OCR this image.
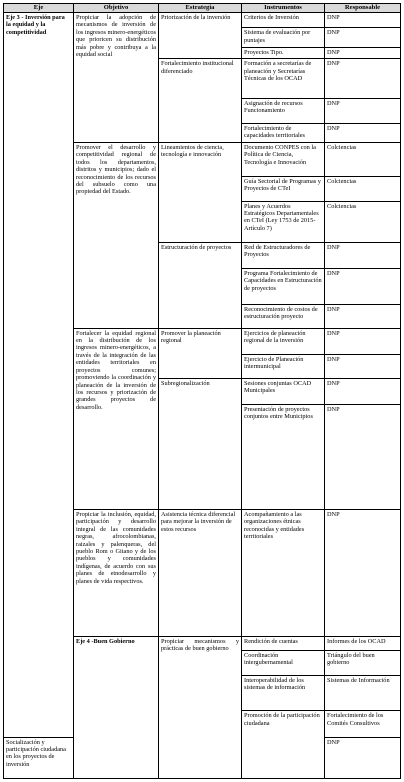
Eje	Objetivo	Estrategia	Instrumentos	Responsable	
Eje 3 - Inversión para la equidad y la competitividad	Propiciar la adopción de mecanismos de inversión de los ingresos minero-energéticos que prioricen su distribución más pobre y contribuya a la equidad social	Priorización de la inversión	Criterios de Inversión	DNP	
			Sistema de evaluación por puntajes	DNP	
			Proyectos Tipo.	DNP	
		Fortalecimiento institucional diferenciado	Formación a secretarías de planeación y Secretarías Técnicas de los OCAD	DNP	
			Asignación de recursos Funcionamiento	DNP	
			Fortalecimiento de capacidades territoriales	DNP	
	Promover el desarrollo y competitividad regional de todos los departamentos, distritos y municipios; dado el reconocimiento de los recursos del subsuelo como una propiedad del Estado.	Lineamientos de ciencia, tecnología e innovación	Documento CONPES con la Política de Ciencia, Tecnología e Innovación	Colciencias	
			Guía Sectorial de Programas y Proyectos de CTeI	Colciencias	
			Planes y Acuerdos Estratégicos Departamentales en CTeI (Ley 1753 de 2015-Artículo 7)	Colciencias	
		Estructuración de proyectos	Red de Estructuradores de Proyectos	DNP	
			Programa Fortalecimiento de Capacidades en Estructuración de proyectos	DNP	
			Reconocimiento de costos de estructuración proyecto	DNP	
	Fortalecer la equidad regional en la distribución de los ingresos minero-energéticos, a través de la integración de las entidades territoriales en proyectos comunes; promoviendo la coordinación y planeación de la inversión de los recursos y priorización de grandes proyectos de desarrollo.	Promover la planeación regional	Ejercicios de planeación regional de la inversión	DNP	
			Ejercicio de Planeación intermunicipal	DNP	
		Subregionalización	Sesiones conjuntas OCAD Municipales	DNP	
			Presentación de proyectos conjuntos entre Municipios	DNP	
	Propiciar la inclusión, equidad, participación y desarrollo integral de las comunidades negras, afrocolombianas, raizales y palenqueras, del pueblo Rom o Gitano y de los pueblos y comunidades indígenas, de acuerdo con sus planes de etnodesarrollo y planes de vida respectivos.	Asistencia técnica diferencial para mejorar la inversión de estos recursos	Acompañamiento a las organizaciones étnicas reconocidas y entidades territoriales	DNP	
	Eje 4 -Buen Gobierno	Propiciar mecanismos y prácticas de buen gobierno	Rendición de cuentas	Informes de los OCAD	
			Coordinación intergubernamental	Triángulo del buen gobierno	
			Interoperabilidad de los sistemas de información	Sistemas de Información	
			Promoción de la participación ciudadana	Fortalecimiento de los Comités Consultivos	
Socialización y participación ciudadana en los proyectos de inversión				DNP	
